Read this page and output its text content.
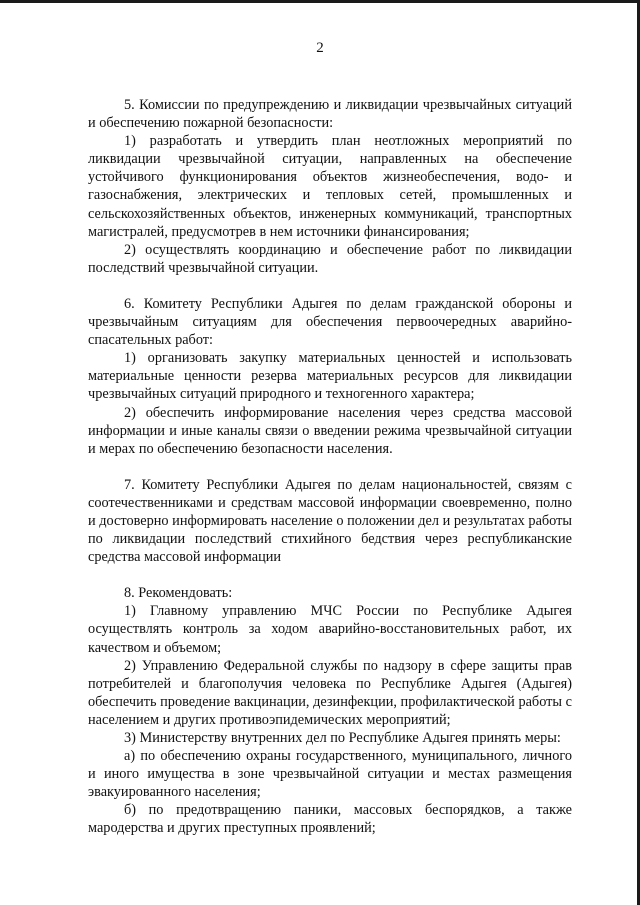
2

5. Комиссии по предупреждению и ликвидации чрезвычайных ситуаций и обеспечению пожарной безопасности:

1) разработать и утвердить план неотложных мероприятий по ликвидации чрезвычайной ситуации, направленных на обеспечение устойчивого функционирования объектов жизнеобеспечения, водо- и газоснабжения, электрических и тепловых сетей, промышленных и сельскохозяйственных объектов, инженерных коммуникаций, транспортных магистралей, предусмотрев в нем источники финансирования;

2) осуществлять координацию и обеспечение работ по ликвидации последствий чрезвычайной ситуации.

6. Комитету Республики Адыгея по делам гражданской обороны и чрезвычайным ситуациям для обеспечения первоочередных аварийно-спасательных работ:

1) организовать закупку материальных ценностей и использовать материальные ценности резерва материальных ресурсов для ликвидации чрезвычайных ситуаций природного и техногенного характера;

2) обеспечить информирование населения через средства массовой информации и иные каналы связи о введении режима чрезвычайной ситуации и мерах по обеспечению безопасности населения.

7. Комитету Республики Адыгея по делам национальностей, связям с соотечественниками и средствам массовой информации своевременно, полно и достоверно информировать население о положении дел и результатах работы по ликвидации последствий стихийного бедствия через республиканские средства массовой информации

8. Рекомендовать:

1) Главному управлению МЧС России по Республике Адыгея осуществлять контроль за ходом аварийно-восстановительных работ, их качеством и объемом;

2) Управлению Федеральной службы по надзору в сфере защиты прав потребителей и благополучия человека по Республике Адыгея (Адыгея) обеспечить проведение вакцинации, дезинфекции, профилактической работы с населением и других противоэпидемических мероприятий;

3) Министерству внутренних дел по Республике Адыгея принять меры:

а) по обеспечению охраны государственного, муниципального, личного и иного имущества в зоне чрезвычайной ситуации и местах размещения эвакуированного населения;

б) по предотвращению паники, массовых беспорядков, а также мародерства и других преступных проявлений;
